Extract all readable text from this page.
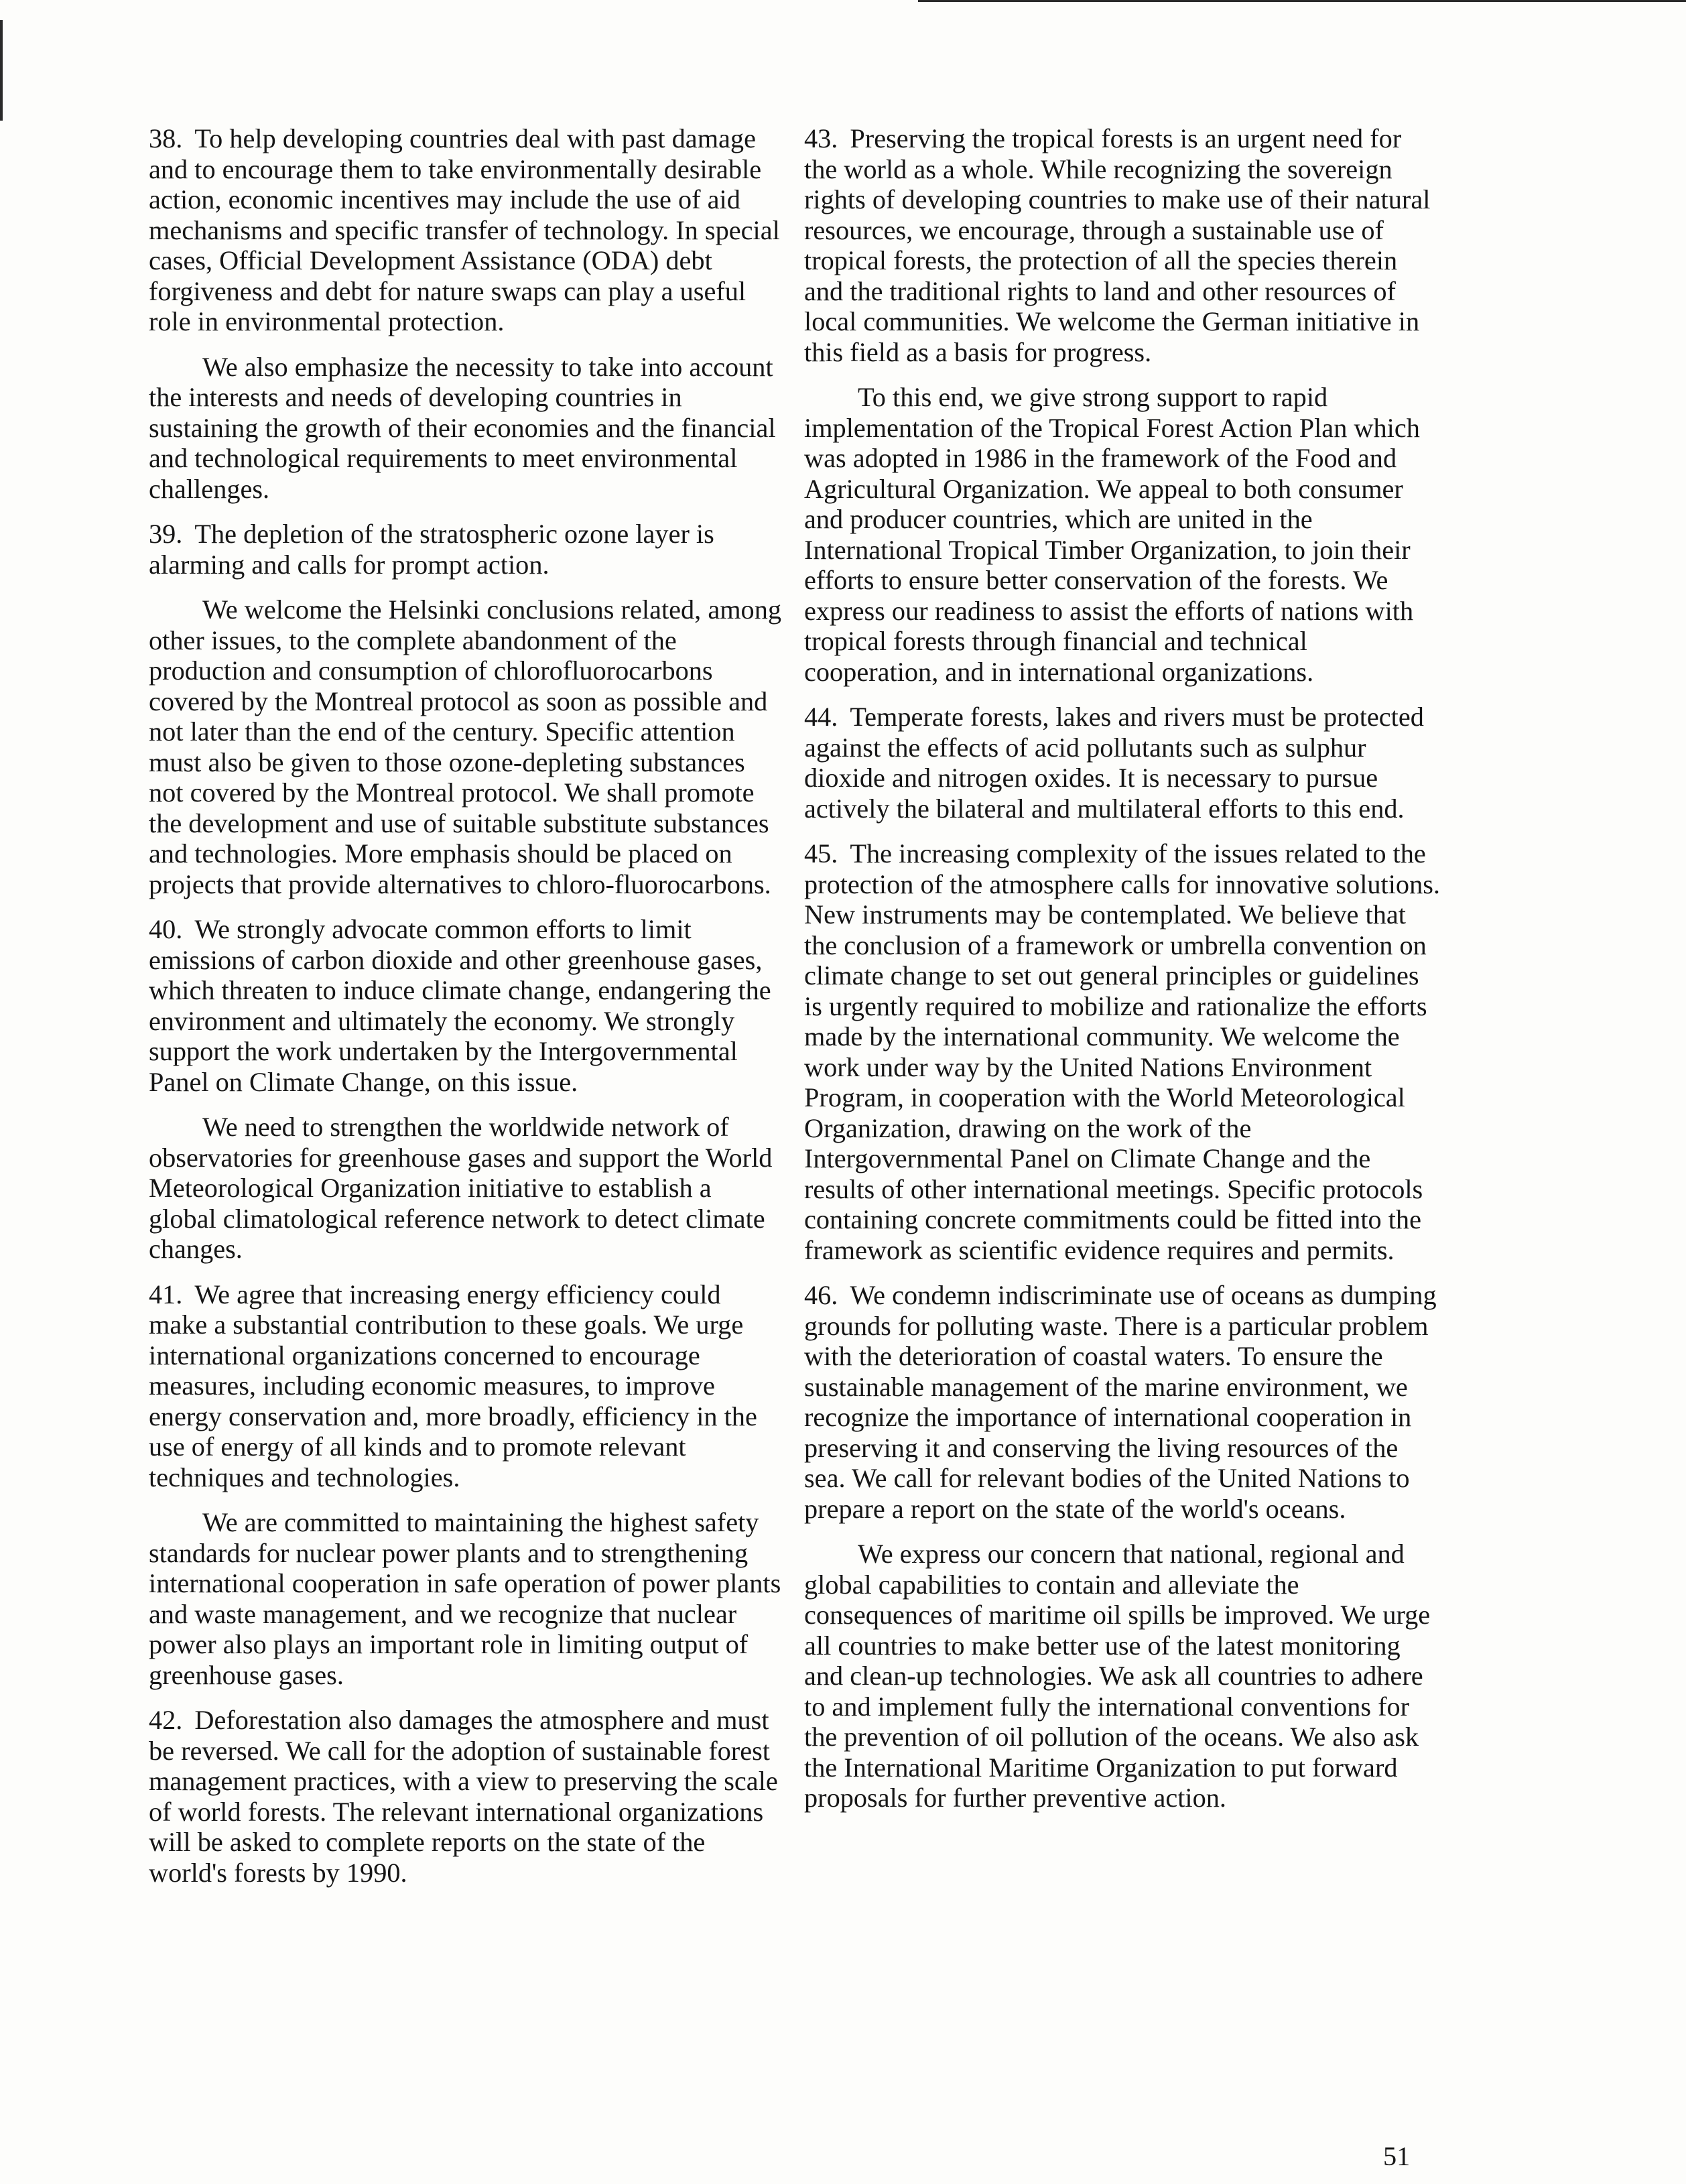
38. To help developing countries deal with past damage and to encourage them to take environmentally desirable action, economic incentives may include the use of aid mechanisms and specific transfer of technology. In special cases, Official Development Assistance (ODA) debt forgiveness and debt for nature swaps can play a useful role in environmental protection.

We also emphasize the necessity to take into account the interests and needs of developing countries in sustaining the growth of their economies and the financial and technological requirements to meet environmental challenges.

39. The depletion of the stratospheric ozone layer is alarming and calls for prompt action.

We welcome the Helsinki conclusions related, among other issues, to the complete abandonment of the production and consumption of chlorofluorocarbons covered by the Montreal protocol as soon as possible and not later than the end of the century. Specific attention must also be given to those ozone-depleting substances not covered by the Montreal protocol. We shall promote the development and use of suitable substitute substances and technologies. More emphasis should be placed on projects that provide alternatives to chloro-fluorocarbons.

40. We strongly advocate common efforts to limit emissions of carbon dioxide and other greenhouse gases, which threaten to induce climate change, endangering the environment and ultimately the economy. We strongly support the work undertaken by the Intergovernmental Panel on Climate Change, on this issue.

We need to strengthen the worldwide network of observatories for greenhouse gases and support the World Meteorological Organization initiative to establish a global climatological reference network to detect climate changes.

41. We agree that increasing energy efficiency could make a substantial contribution to these goals. We urge international organizations concerned to encourage measures, including economic measures, to improve energy conservation and, more broadly, efficiency in the use of energy of all kinds and to promote relevant techniques and technologies.

We are committed to maintaining the highest safety standards for nuclear power plants and to strengthening international cooperation in safe operation of power plants and waste management, and we recognize that nuclear power also plays an important role in limiting output of greenhouse gases.

42. Deforestation also damages the atmosphere and must be reversed. We call for the adoption of sustainable forest management practices, with a view to preserving the scale of world forests. The relevant international organizations will be asked to complete reports on the state of the world's forests by 1990.

43. Preserving the tropical forests is an urgent need for the world as a whole. While recognizing the sovereign rights of developing countries to make use of their natural resources, we encourage, through a sustainable use of tropical forests, the protection of all the species therein and the traditional rights to land and other resources of local communities. We welcome the German initiative in this field as a basis for progress.

To this end, we give strong support to rapid implementation of the Tropical Forest Action Plan which was adopted in 1986 in the framework of the Food and Agricultural Organization. We appeal to both consumer and producer countries, which are united in the International Tropical Timber Organization, to join their efforts to ensure better conservation of the forests. We express our readiness to assist the efforts of nations with tropical forests through financial and technical cooperation, and in international organizations.

44. Temperate forests, lakes and rivers must be protected against the effects of acid pollutants such as sulphur dioxide and nitrogen oxides. It is necessary to pursue actively the bilateral and multilateral efforts to this end.

45. The increasing complexity of the issues related to the protection of the atmosphere calls for innovative solutions. New instruments may be contemplated. We believe that the conclusion of a framework or umbrella convention on climate change to set out general principles or guidelines is urgently required to mobilize and rationalize the efforts made by the international community. We welcome the work under way by the United Nations Environment Program, in cooperation with the World Meteorological Organization, drawing on the work of the Intergovernmental Panel on Climate Change and the results of other international meetings. Specific protocols containing concrete commitments could be fitted into the framework as scientific evidence requires and permits.

46. We condemn indiscriminate use of oceans as dumping grounds for polluting waste. There is a particular problem with the deterioration of coastal waters. To ensure the sustainable management of the marine environment, we recognize the importance of international cooperation in preserving it and conserving the living resources of the sea. We call for relevant bodies of the United Nations to prepare a report on the state of the world's oceans.

We express our concern that national, regional and global capabilities to contain and alleviate the consequences of maritime oil spills be improved. We urge all countries to make better use of the latest monitoring and clean-up technologies. We ask all countries to adhere to and implement fully the international conventions for the prevention of oil pollution of the oceans. We also ask the International Maritime Organization to put forward proposals for further preventive action.

51
